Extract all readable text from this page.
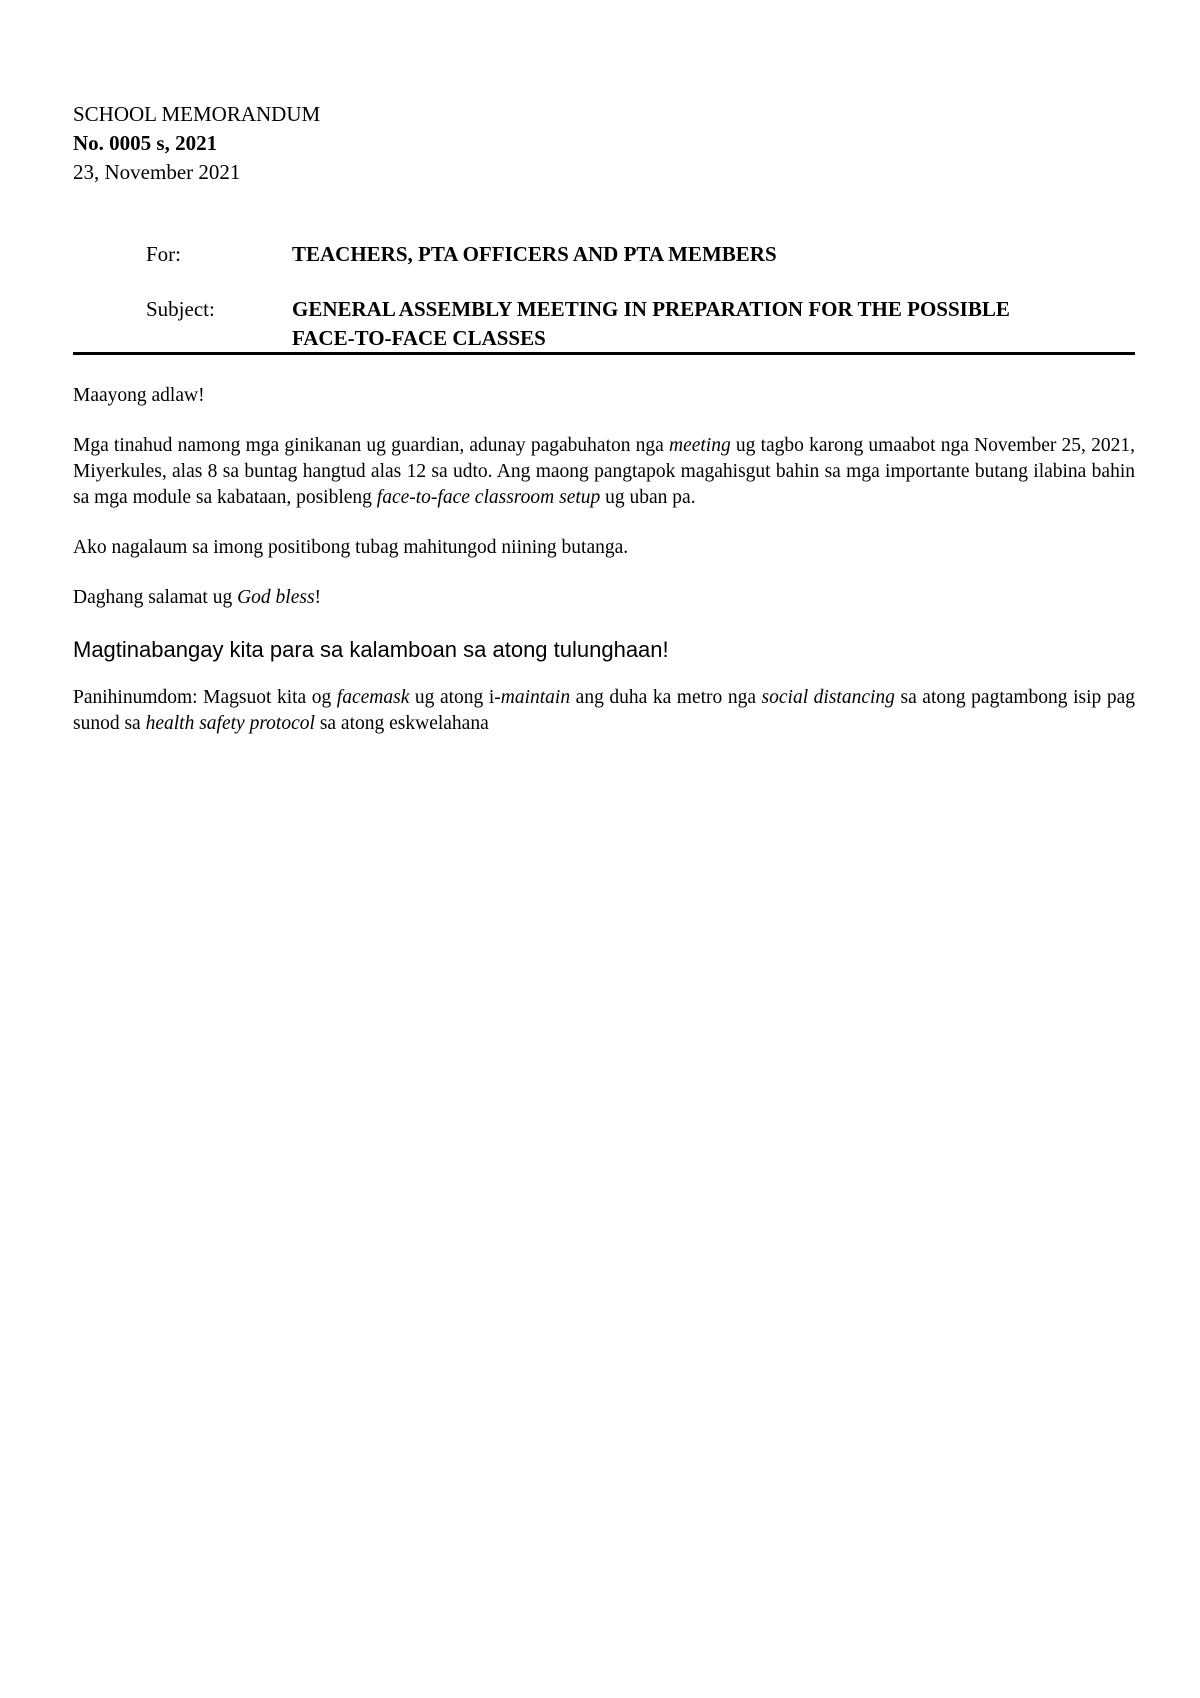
SCHOOL MEMORANDUM
No. 0005 s, 2021
23, November 2021
For:	TEACHERS, PTA OFFICERS AND PTA MEMBERS
Subject:	GENERAL ASSEMBLY MEETING IN PREPARATION FOR THE POSSIBLE
FACE-TO-FACE CLASSES

Maayong adlaw!

Mga tinahud namong mga ginikanan ug guardian, adunay pagabuhaton nga meeting ug tagbo karong umaabot nga November 25, 2021, Miyerkules, alas 8 sa buntag hangtud alas 12 sa udto. Ang maong pangtapok magahisgut bahin sa mga importante butang ilabina bahin sa mga module sa kabataan, posibleng face-to-face classroom setup ug uban pa.

Ako nagalaum sa imong positibong tubag mahitungod niining butanga.

Daghang salamat ug God bless!

Magtinabangay kita para sa kalamboan sa atong tulunghaan!

Panihinumdom: Magsuot kita og facemask ug atong i-maintain ang duha ka metro nga social distancing sa atong pagtambong isip pag sunod sa health safety protocol sa atong eskwelahana
